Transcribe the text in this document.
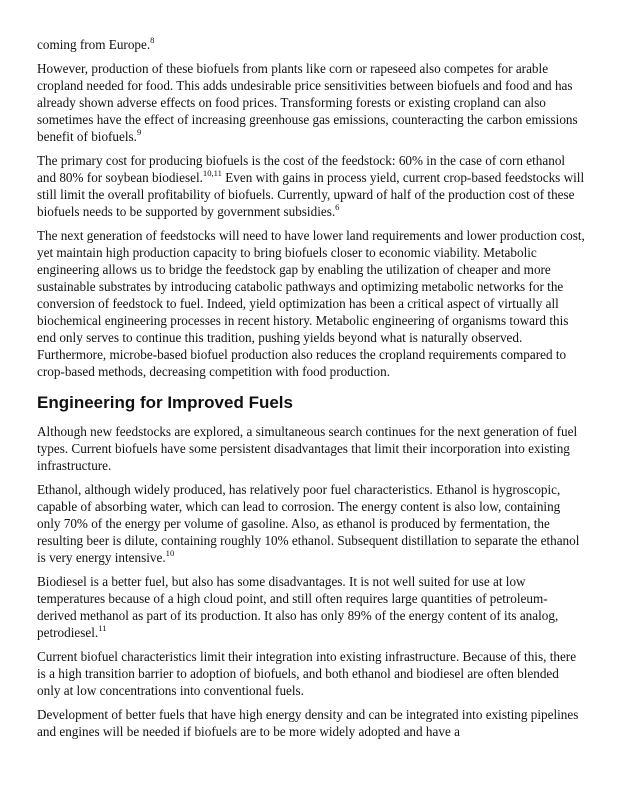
coming from Europe.$^8$

However, production of these biofuels from plants like corn or rapeseed also competes for arable cropland needed for food. This adds undesirable price sensitivities between biofuels and food and has already shown adverse effects on food prices. Transforming forests or existing cropland can also sometimes have the effect of increasing greenhouse gas emissions, counteracting the carbon emissions benefit of biofuels.$^9$

The primary cost for producing biofuels is the cost of the feedstock: 60% in the case of corn ethanol and 80% for soybean biodiesel.$^{10,11}$ Even with gains in process yield, current crop-based feedstocks will still limit the overall profitability of biofuels. Currently, upward of half of the production cost of these biofuels needs to be supported by government subsidies.$^6$

The next generation of feedstocks will need to have lower land requirements and lower production cost, yet maintain high production capacity to bring biofuels closer to economic viability. Metabolic engineering allows us to bridge the feedstock gap by enabling the utilization of cheaper and more sustainable substrates by introducing catabolic pathways and optimizing metabolic networks for the conversion of feedstock to fuel. Indeed, yield optimization has been a critical aspect of virtually all biochemical engineering processes in recent history. Metabolic engineering of organisms toward this end only serves to continue this tradition, pushing yields beyond what is naturally observed. Furthermore, microbe-based biofuel production also reduces the cropland requirements compared to crop-based methods, decreasing competition with food production.

Engineering for Improved Fuels

Although new feedstocks are explored, a simultaneous search continues for the next generation of fuel types. Current biofuels have some persistent disadvantages that limit their incorporation into existing infrastructure.

Ethanol, although widely produced, has relatively poor fuel characteristics. Ethanol is hygroscopic, capable of absorbing water, which can lead to corrosion. The energy content is also low, containing only 70% of the energy per volume of gasoline. Also, as ethanol is produced by fermentation, the resulting beer is dilute, containing roughly 10% ethanol. Subsequent distillation to separate the ethanol is very energy intensive.$^{10}$

Biodiesel is a better fuel, but also has some disadvantages. It is not well suited for use at low temperatures because of a high cloud point, and still often requires large quantities of petroleum-derived methanol as part of its production. It also has only 89% of the energy content of its analog, petrodiesel.$^{11}$

Current biofuel characteristics limit their integration into existing infrastructure. Because of this, there is a high transition barrier to adoption of biofuels, and both ethanol and biodiesel are often blended only at low concentrations into conventional fuels.

Development of better fuels that have high energy density and can be integrated into existing pipelines and engines will be needed if biofuels are to be more widely adopted and have a
